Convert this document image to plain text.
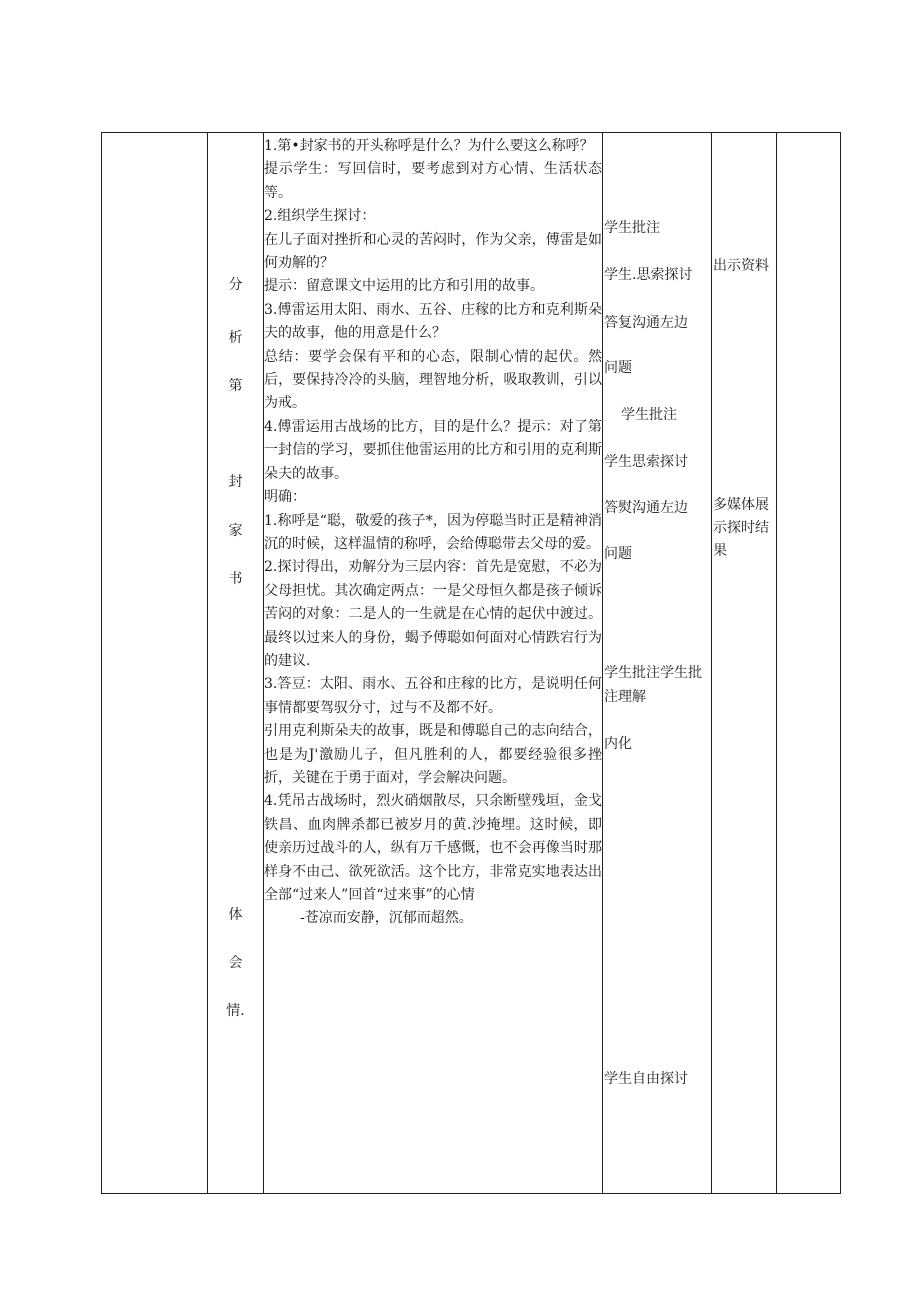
分
析
第
封
家
书
体
会
情.

1.第•封家书的开头称呼是什么？为什么要这么称呼？

提示学生：写回信时，要考虑到对方心情、生活状态等。

2.组织学生探讨：

在儿子面对挫折和心灵的苦闷时，作为父亲，傅雷是如何劝解的？

提示：留意课文中运用的比方和引用的故事。

3.傅雷运用太阳、雨水、五谷、庄稼的比方和克利斯朵夫的故事，他的用意是什么？

总结：要学会保有平和的心态，限制心情的起伏。然后，要保持冷冷的头脑，理智地分析，吸取教训，引以为戒。

4.傅雷运用古战场的比方，目的是什么？提示：对了第一封信的学习，要抓住他雷运用的比方和引用的克利斯朵夫的故事。

明确：

1.称呼是“聪，敬爱的孩子*，因为停聪当时正是精神消沉的时候，这样温情的称呼，会给傅聪带去父母的爱。

2.探讨得出，劝解分为三层内容：首先是宽慰，不必为父母担忧。其次确定两点：一是父母恒久都是孩子倾诉苦闷的对象：二是人的一生就是在心情的起伏中渡过。最终以过来人的身份，蝎予傅聪如何面对心情跌宕行为的建议.

3.答豆：太阳、雨水、五谷和庄稼的比方，是说明任何事情都要驾驭分寸，过与不及都不好。

引用克利斯朵夫的故事，既是和傅聪自己的志向结合，也是为J'激励儿子，但凡胜利的人，都要经验很多挫折，关键在于勇于面对，学会解决问题。

4.凭吊古战场时，烈火硝烟散尽，只余断壁残垣，金戈铁昌、血肉牌杀都已被岁月的黄.沙掩埋。这时候，即使亲历过战斗的人，纵有万千感慨，也不会再像当时那样身不由己、欲死欲活。这个比方，非常克实地表达出全部“过来人”回首“过来事”的心情

-苍凉而安静，沉郁而超然。

学生批注
学生.思索探讨
答复沟通左边
问题
学生批注
学生思索探讨
答熨沟通左边
问题
学生批注学生批
注理解
内化
学生自由探讨
出示资料
多媒体展示探时结果
